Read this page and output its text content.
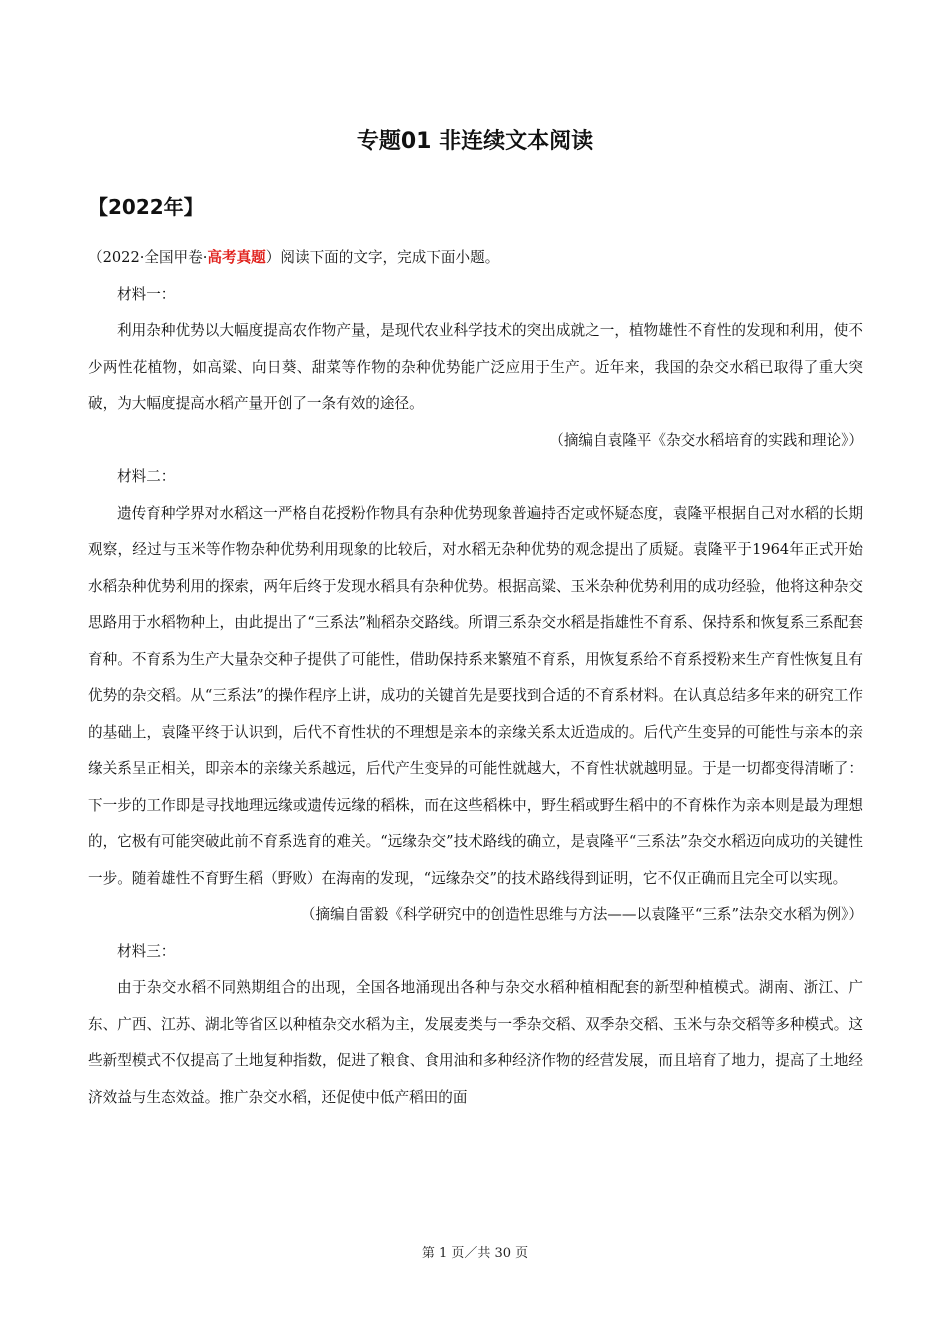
专题01 非连续文本阅读
【2022年】

（2022·全国甲卷·高考真题）阅读下面的文字，完成下面小题。

材料一：

利用杂种优势以大幅度提高农作物产量，是现代农业科学技术的突出成就之一，植物雄性不育性的发现和利用，使不少两性花植物，如高粱、向日葵、甜菜等作物的杂种优势能广泛应用于生产。近年来，我国的杂交水稻已取得了重大突破，为大幅度提高水稻产量开创了一条有效的途径。

（摘编自袁隆平《杂交水稻培育的实践和理论》）

材料二：

遗传育种学界对水稻这一严格自花授粉作物具有杂种优势现象普遍持否定或怀疑态度，袁隆平根据自己对水稻的长期观察，经过与玉米等作物杂种优势利用现象的比较后，对水稻无杂种优势的观念提出了质疑。袁隆平于1964年正式开始水稻杂种优势利用的探索，两年后终于发现水稻具有杂种优势。根据高粱、玉米杂种优势利用的成功经验，他将这种杂交思路用于水稻物种上，由此提出了“三系法”籼稻杂交路线。所谓三系杂交水稻是指雄性不育系、保持系和恢复系三系配套育种。不育系为生产大量杂交种子提供了可能性，借助保持系来繁殖不育系，用恢复系给不育系授粉来生产育性恢复且有优势的杂交稻。从“三系法”的操作程序上讲，成功的关键首先是要找到合适的不育系材料。在认真总结多年来的研究工作的基础上，袁隆平终于认识到，后代不育性状的不理想是亲本的亲缘关系太近造成的。后代产生变异的可能性与亲本的亲缘关系呈正相关，即亲本的亲缘关系越远，后代产生变异的可能性就越大，不育性状就越明显。于是一切都变得清晰了：下一步的工作即是寻找地理远缘或遗传远缘的稻株，而在这些稻株中，野生稻或野生稻中的不育株作为亲本则是最为理想的，它极有可能突破此前不育系选育的难关。“远缘杂交”技术路线的确立，是袁隆平“三系法”杂交水稻迈向成功的关键性一步。随着雄性不育野生稻（野败）在海南的发现，“远缘杂交”的技术路线得到证明，它不仅正确而且完全可以实现。

（摘编自雷毅《科学研究中的创造性思维与方法——以袁隆平“三系”法杂交水稻为例》）

材料三：

由于杂交水稻不同熟期组合的出现，全国各地涌现出各种与杂交水稻种植相配套的新型种植模式。湖南、浙江、广东、广西、江苏、湖北等省区以种植杂交水稻为主，发展麦类与一季杂交稻、双季杂交稻、玉米与杂交稻等多种模式。这些新型模式不仅提高了土地复种指数，促进了粮食、食用油和多种经济作物的经营发展，而且培育了地力，提高了土地经济效益与生态效益。推广杂交水稻，还促使中低产稻田的面

第 1 页／共 30 页
